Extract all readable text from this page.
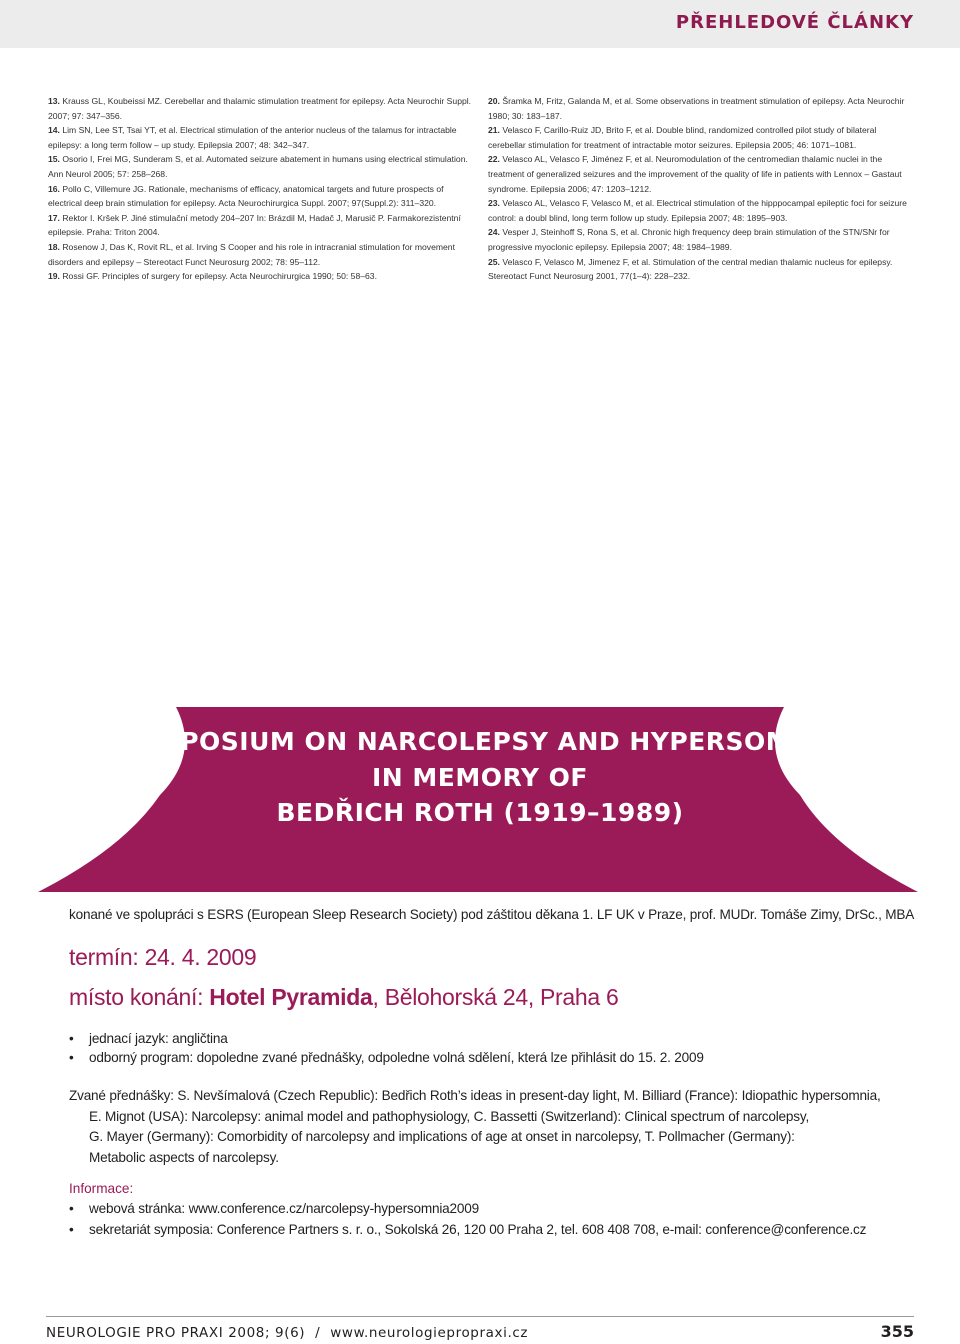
PŘEHLEDOVÉ ČLÁNKY

13. Krauss GL, Koubeissi MZ. Cerebellar and thalamic stimulation treatment for epilepsy. Acta Neurochir Suppl. 2007; 97: 347–356.

14. Lim SN, Lee ST, Tsai YT, et al. Electrical stimulation of the anterior nucleus of the talamus for intractable epilepsy: a long term follow – up study. Epilepsia 2007; 48: 342–347.

15. Osorio I, Frei MG, Sunderam S, et al. Automated seizure abatement in humans using electrical stimulation. Ann Neurol 2005; 57: 258–268.

16. Pollo C, Villemure JG. Rationale, mechanisms of efficacy, anatomical targets and future prospects of electrical deep brain stimulation for epilepsy. Acta Neurochirurgica Suppl. 2007; 97(Suppl.2): 311–320.

17. Rektor I. Kršek P. Jiné stimulační metody 204–207 In: Brázdil M, Hadač J, Marusič P. Farmakorezistentní epilepsie. Praha: Triton 2004.

18. Rosenow J, Das K, Rovit RL, et al. Irving S Cooper and his role in intracranial stimulation for movement disorders and epilepsy – Stereotact Funct Neurosurg 2002; 78: 95–112.

19. Rossi GF. Principles of surgery for epilepsy. Acta Neurochirurgica 1990; 50: 58–63.

20. Šramka M, Fritz, Galanda M, et al. Some observations in treatment stimulation of epilepsy. Acta Neurochir 1980; 30: 183–187.

21. Velasco F, Carillo-Ruiz JD, Brito F, et al. Double blind, randomized controlled pilot study of bilateral cerebellar stimulation for treatment of intractable motor seizures. Epilepsia 2005; 46: 1071–1081.

22. Velasco AL, Velasco F, Jiménez F, et al. Neuromodulation of the centromedian thalamic nuclei in the treatment of generalized seizures and the improvement of the quality of life in patients with Lennox – Gastaut syndrome. Epilepsia 2006; 47: 1203–1212.

23. Velasco AL, Velasco F, Velasco M, et al. Electrical stimulation of the hipppocampal epileptic foci for seizure control: a doubl blind, long term follow up study. Epilepsia 2007; 48: 1895–903.

24. Vesper J, Steinhoff S, Rona S, et al. Chronic high frequency deep brain stimulation of the STN/SNr for progressive myoclonic epilepsy. Epilepsia 2007; 48: 1984–1989.

25. Velasco F, Velasco M, Jimenez F, et al. Stimulation of the central median thalamic nucleus for epilepsy. Stereotact Funct Neurosurg 2001, 77(1–4): 228–232.

SYMPOSIUM ON NARCOLEPSY AND HYPERSOMNIA
IN MEMORY OF
BEDŘICH ROTH (1919–1989)
konané ve spolupráci s ESRS (European Sleep Research Society) pod záštitou děkana 1. LF UK v Praze, prof. MUDr. Tomáše Zimy, DrSc., MBA
termín: 24. 4. 2009
místo konání: Hotel Pyramida, Bělohorská 24, Praha 6
•	jednací jazyk: angličtina
•	odborný program: dopoledne zvané přednášky, odpoledne volná sdělení, která lze přihlásit do 15. 2. 2009
Zvané přednášky: S. Nevšímalová (Czech Republic): Bedřich Roth’s ideas in present-day light, M. Billiard (France): Idiopathic hypersomnia,
E. Mignot (USA): Narcolepsy: animal model and pathophysiology, C. Bassetti (Switzerland): Clinical spectrum of narcolepsy,
G. Mayer (Germany): Comorbidity of narcolepsy and implications of age at onset in narcolepsy, T. Pollmacher (Germany):
Metabolic aspects of narcolepsy.
Informace:
•	webová stránka: www.conference.cz/narcolepsy-hypersomnia2009
•	sekretariát symposia: Conference Partners s. r. o., Sokolská 26, 120 00 Praha 2, tel. 608 408 708, e-mail: conference@conference.cz
NEUROLOGIE PRO PRAXI 2008; 9(6) / www.neurologiepropraxi.cz	355
